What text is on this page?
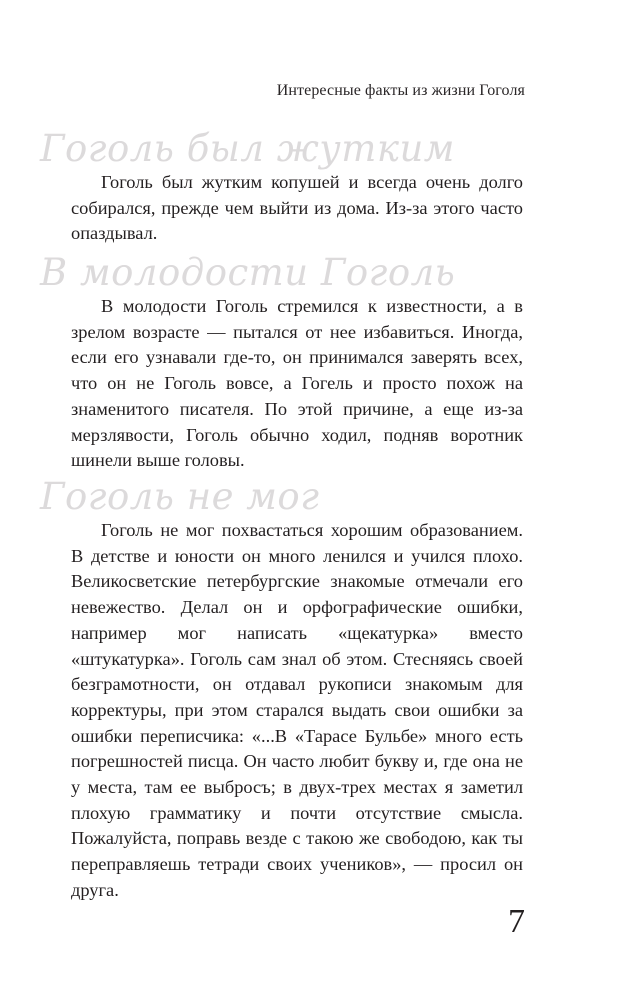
Интересные факты из жизни Гоголя
Гоголь был жутким

Гоголь был жутким копушей и всегда очень долго собирался, прежде чем выйти из дома. Из-за этого часто опаздывал.

В молодости Гоголь

В молодости Гоголь стремился к известности, а в зрелом возрасте — пытался от нее избавиться. Иногда, если его узнавали где-то, он принимался заверять всех, что он не Гоголь вовсе, а Гогель и просто похож на знаменитого писателя. По этой причине, а еще из-за мерзлявости, Гоголь обычно ходил, подняв воротник шинели выше головы.

Гоголь не мог

Гоголь не мог похвастаться хорошим образованием. В детстве и юности он много ленился и учился плохо. Великосветские петербургские знакомые отмечали его невежество. Делал он и орфографические ошибки, например мог написать «щекатурка» вместо «штукатурка». Гоголь сам знал об этом. Стесняясь своей безграмотности, он отдавал рукописи знакомым для корректуры, при этом старался выдать свои ошибки за ошибки переписчика: «...В «Тарасе Бульбе» много есть погрешностей писца. Он часто любит букву и, где она не у места, там ее выбросъ; в двух-трех местах я заметил плохую грамматику и почти отсутствие смысла. Пожалуйста, поправь везде с такою же свободою, как ты переправляешь тетради своих учеников», — просил он друга.

7
